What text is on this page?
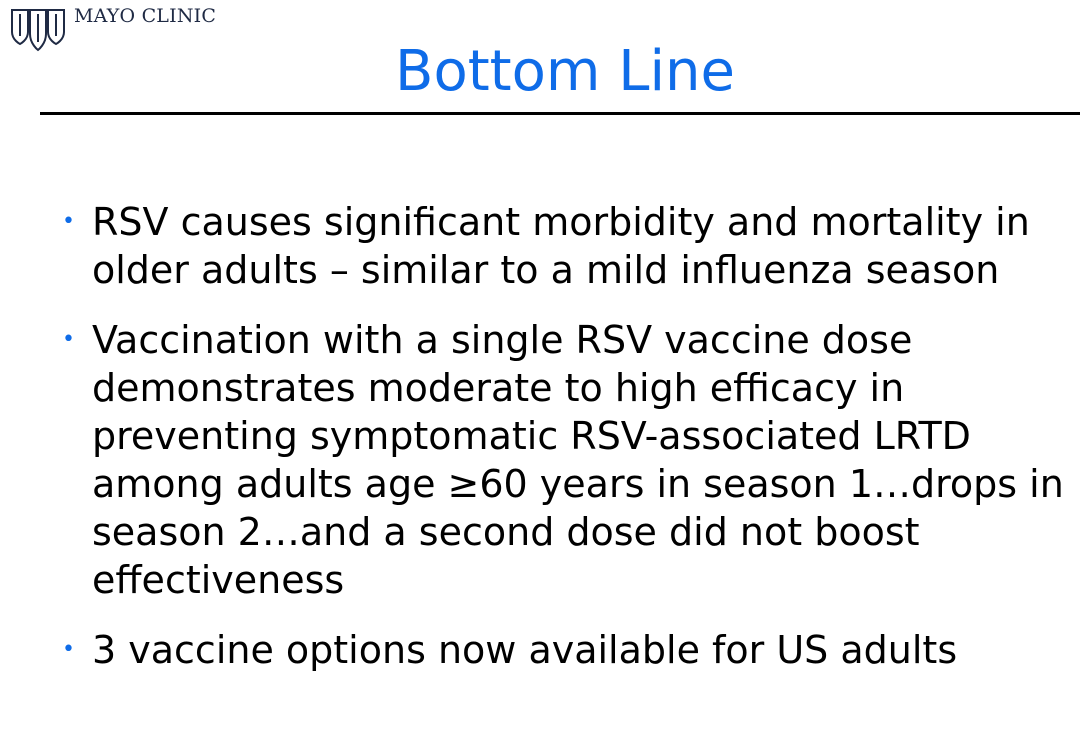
MAYO CLINIC
Bottom Line
• RSV causes significant morbidity and mortality in older adults – similar to a mild influenza season
• Vaccination with a single RSV vaccine dose demonstrates moderate to high efficacy in preventing symptomatic RSV-associated LRTD among adults age ≥60 years in season 1…drops in season 2…and a second dose did not boost effectiveness
• 3 vaccine options now available for US adults
